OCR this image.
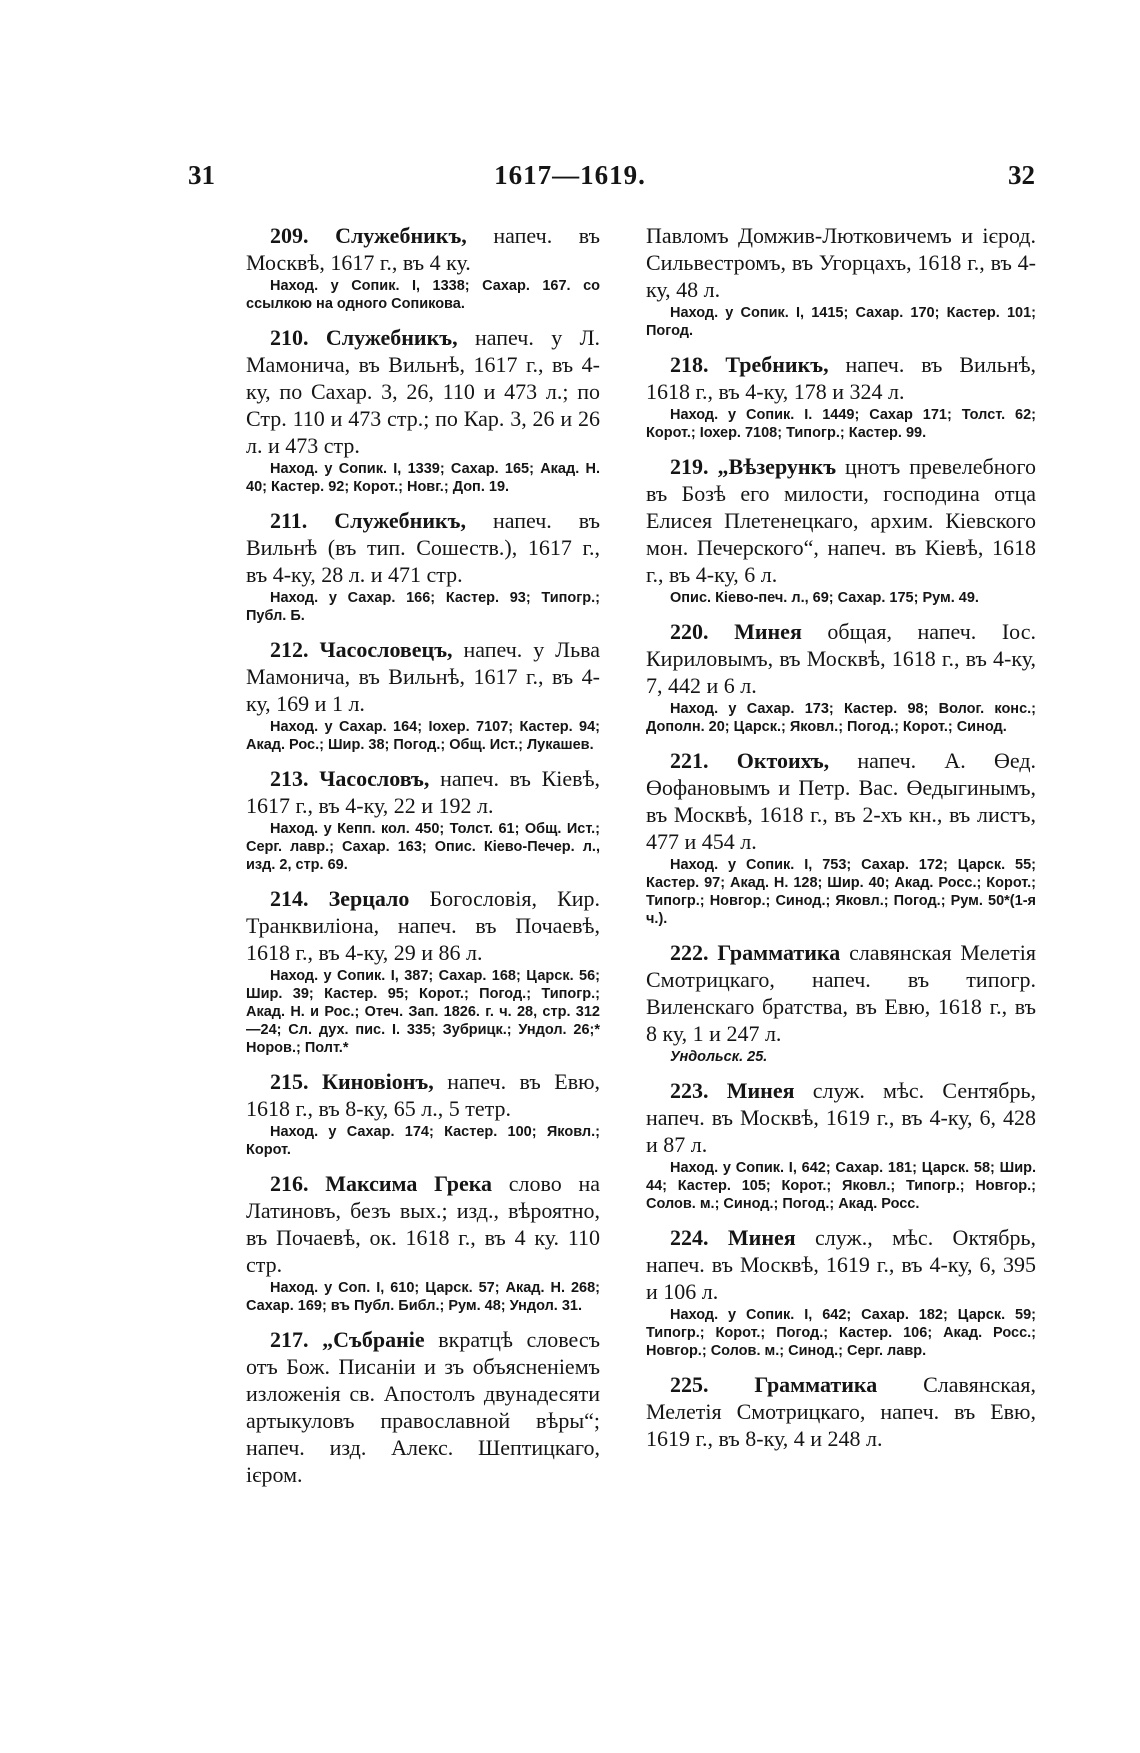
31	1617—1619.	32
209. Служебникъ, напеч. въ Москвѣ, 1617 г., въ 4 ку.
Наход. у Сопик. I, 1338; Сахар. 167. со ссылкою на одного Сопикова.
210. Служебникъ, напеч. у Л. Мамонича, въ Вильнѣ, 1617 г., въ 4-ку, по Сахар. 3, 26, 110 и 473 л.; по Стр. 110 и 473 стр.; по Кар. 3, 26 и 26 л. и 473 стр.
Наход. у Сопик. I, 1339; Сахар. 165; Акад. Н. 40; Кастер. 92; Корот.; Новг.; Доп. 19.
211. Служебникъ, напеч. въ Вильнѣ (въ тип. Сошеств.), 1617 г., въ 4-ку, 28 л. и 471 стр.
Наход. у Сахар. 166; Кастер. 93; Типогр.; Публ. Б.
212. Часословецъ, напеч. у Льва Мамонича, въ Вильнѣ, 1617 г., въ 4-ку, 169 и 1 л.
Наход. у Сахар. 164; Iохер. 7107; Кастер. 94; Акад. Рос.; Шир. 38; Погод.; Общ. Ист.; Лукашев.
213. Часословъ, напеч. въ Кіевѣ, 1617 г., въ 4-ку, 22 и 192 л.
Наход. у Кепп. кол. 450; Толст. 61; Общ. Ист.; Серг. лавр.; Сахар. 163; Опис. Кіево-Печер. л., изд. 2, стр. 69.
214. Зерцало Богословія, Кир. Транквиліона, напеч. въ Почаевѣ, 1618 г., въ 4-ку, 29 и 86 л.
Наход. у Сопик. I, 387; Сахар. 168; Царск. 56; Шир. 39; Кастер. 95; Корот.; Погод.; Типогр.; Акад. Н. и Рос.; Отеч. Зап. 1826. г. ч. 28, стр. 312—24; Сл. дух. пис. I. 335; Зубрицк.; Ундол. 26;* Норов.; Полт.*
215. Киновіонъ, напеч. въ Евю, 1618 г., въ 8-ку, 65 л., 5 тетр.
Наход. у Сахар. 174; Кастер. 100; Яковл.; Корот.
216. Максима Грека слово на Латиновъ, безъ вых.; изд., вѣроятно, въ Почаевѣ, ок. 1618 г., въ 4 ку. 110 стр.
Наход. у Соп. I, 610; Царск. 57; Акад. Н. 268; Сахар. 169; въ Публ. Библ.; Рум. 48; Ундол. 31.
217. „Събраніе вкратцѣ словесъ отъ Бож. Писаніи и зъ объясненіемъ изложенія св. Апостолъ двунадесяти артыкуловъ православной вѣры“; напеч. изд. Алекс. Шептицкаго, ієром.
Павломъ Домжив-Лютковичемъ и ієрод. Сильвестромъ, въ Угорцахъ, 1618 г., въ 4-ку, 48 л.
Наход. у Сопик. I, 1415; Сахар. 170; Кастер. 101; Погод.
218. Требникъ, напеч. въ Вильнѣ, 1618 г., въ 4-ку, 178 и 324 л.
Наход. у Сопик. I. 1449; Сахар 171; Толст. 62; Корот.; Iохер. 7108; Типогр.; Кастер. 99.
219. „Вѣзерункъ цнотъ превелебного въ Бозѣ его милости, господина отца Елисея Плетенецкаго, архим. Кіевского мон. Печерского“, напеч. въ Кіевѣ, 1618 г., въ 4-ку, 6 л.
Опис. Кіево-печ. л., 69; Сахар. 175; Рум. 49.
220. Минея общая, напеч. Iос. Кириловымъ, въ Москвѣ, 1618 г., въ 4-ку, 7, 442 и 6 л.
Наход. у Сахар. 173; Кастер. 98; Волог. конс.; Дополн. 20; Царск.; Яковл.; Погод.; Корот.; Синод.
221. Октоихъ, напеч. А. Өед. Өофановымъ и Петр. Вас. Өедыгинымъ, въ Москвѣ, 1618 г., въ 2-хъ кн., въ листъ, 477 и 454 л.
Наход. у Сопик. I, 753; Сахар. 172; Царск. 55; Кастер. 97; Акад. Н. 128; Шир. 40; Акад. Росс.; Корот.; Типогр.; Новгор.; Синод.; Яковл.; Погод.; Рум. 50*(1-я ч.).
222. Грамматика славянская Мелетія Смотрицкаго, напеч. въ типогр. Виленскаго братства, въ Евю, 1618 г., въ 8 ку, 1 и 247 л.
Ундольск. 25.
223. Минея служ. мѣс. Сентябрь, напеч. въ Москвѣ, 1619 г., въ 4-ку, 6, 428 и 87 л.
Наход. у Сопик. I, 642; Сахар. 181; Царск. 58; Шир. 44; Кастер. 105; Корот.; Яковл.; Типогр.; Новгор.; Солов. м.; Синод.; Погод.; Акад. Росс.
224. Минея служ., мѣс. Октябрь, напеч. въ Москвѣ, 1619 г., въ 4-ку, 6, 395 и 106 л.
Наход. у Сопик. I, 642; Сахар. 182; Царск. 59; Типогр.; Корот.; Погод.; Кастер. 106; Акад. Росс.; Новгор.; Солов. м.; Синод.; Серг. лавр.
225. Грамматика Славянская, Мелетія Смотрицкаго, напеч. въ Евю, 1619 г., въ 8-ку, 4 и 248 л.
